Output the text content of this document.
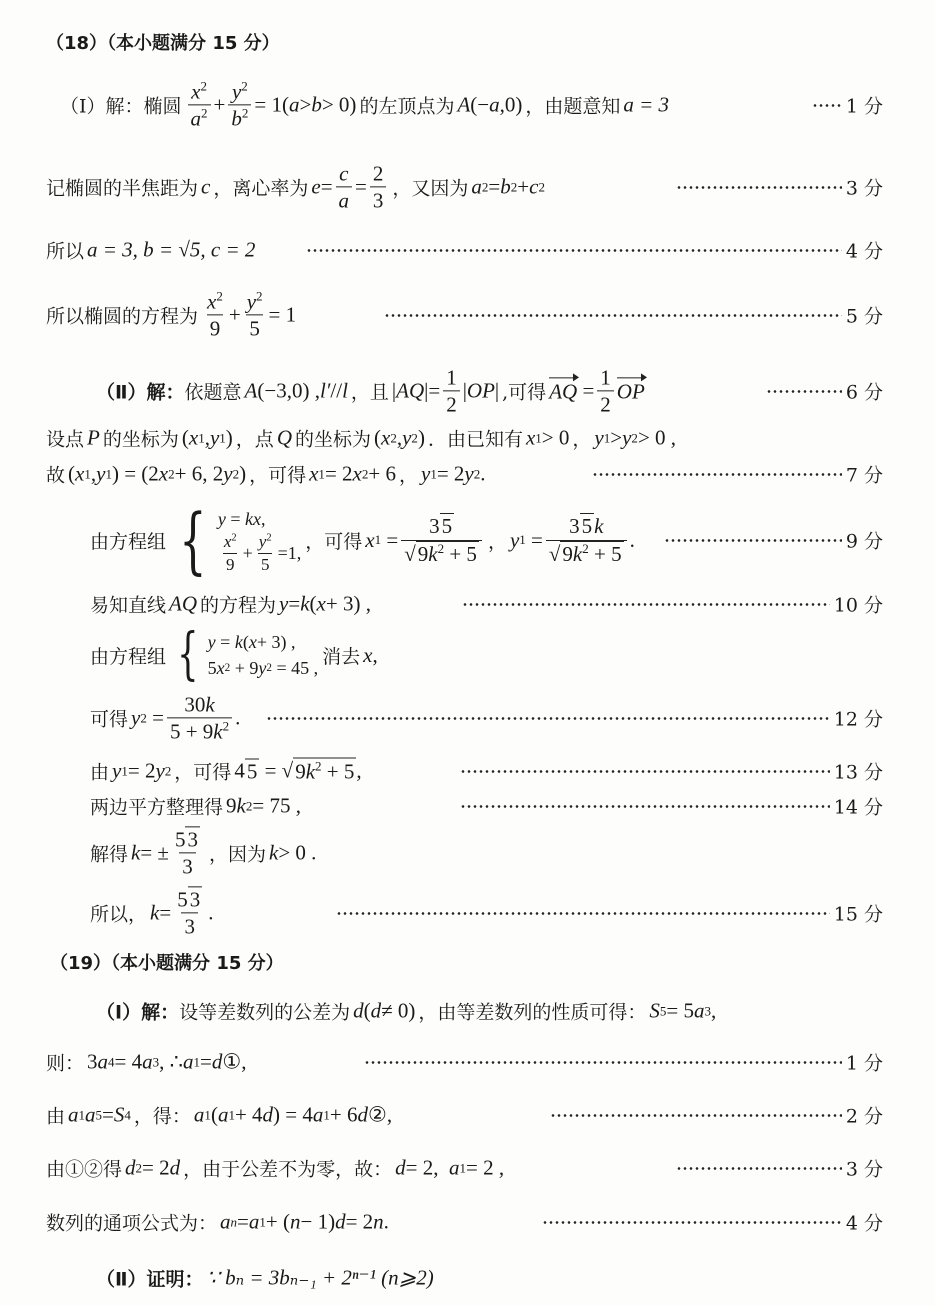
（18）（本小题满分 15 分）
（Ⅰ）解： 椭圆 $\frac{x^2}{a^2} + \frac{y^2}{b^2} = 1$( a > b > 0) 的左顶点为 A (− a ,0) ，由题意知 a = 3	1 分
记椭圆的半焦距为 c ，离心率为 $e = \frac{c}{a} = \frac{2}{3}$ ，又因为 a 2 = b 2 + c 2	3 分
所以 a = 3, b = √5, c = 2	4 分
所以椭圆的方程为 $\frac{x^2}{9} + \frac{y^2}{5} = 1$	5 分
（Ⅱ）解： 依题意 A (−3,0) , l′ // l ，且 | AQ |= $\frac{1}{2}$ | OP | ,可得 AQ = $\frac{1}{2}$ OP	6 分
设点 P 的坐标为 ( x 1 , y 1 ) ，点 Q 的坐标为 ( x 2 , y 2 ) ．由已知有 x 1 > 0 ， y 1 > y 2 > 0 ,
故 ( x 1 , y 1 ) = (2 x 2 + 6, 2 y 2 ) ，可得 x 1 = 2 x 2 + 6 ， y 1 = 2 y 2 .	7 分
由方程组 { y = kx ,
$\frac{x^2}{9} + \frac{y^2}{5} =1$,
，可得 x $1 = \frac{35}{√9k^2 + 5}$ ， y $1 = \frac{35k}{√9k^2 + 5}$ .	9 分
易知直线 AQ 的方程为 y = k ( x + 3) ,	10 分
由方程组 { y = k ( x + 3) ,
5 x 2 + 9 y 2 = 45 ,
消去 x ,
可得 y $2 = \frac{30k}{5 + 9k^2}$ .	12 分
由 y 1 = 2 y 2 ，可得 4 5 = √ $9k^2 + 5$ ,	13 分
两边平方整理得 9 k 2 = 75 ,	14 分
解得 k = ± $\frac{53}{3}$ ，因为 k > 0 .
所以， $k = \frac{53}{3}$ .	15 分
（19）（本小题满分 15 分）
（Ⅰ）解： 设等差数列的公差为 d ( d ≠ 0) ，由等差数列的性质可得： S 5 = 5 a 3 ,
则： 3 a 4 = 4 a 3 , ∴ a 1 = d ①,	1 分
由 a 1 a 5 = S 4 ，得： a 1 ( a 1 + 4 d ) = 4 a 1 + 6 d ②,	2 分
由①②得 d 2 = 2 d ，由于公差不为零，故： d = 2, a 1 = 2 ,	3 分
数列的通项公式为： a n = a 1 + ( n − 1) d = 2 n .	4 分
（Ⅱ）证明： ∵ bₙ = 3bₙ₋₁ + 2ⁿ⁻¹ (n⩾2)
